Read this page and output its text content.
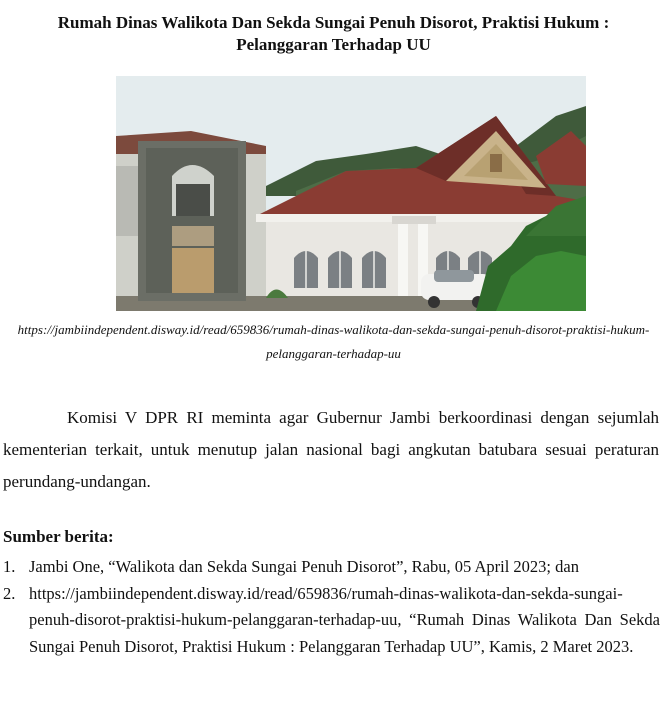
Rumah Dinas Walikota Dan Sekda Sungai Penuh Disorot, Praktisi Hukum : Pelanggaran Terhadap UU
https://jambiindependent.disway.id/read/659836/rumah-dinas-walikota-dan-sekda-sungai-penuh-disorot-praktisi-hukum-pelanggaran-terhadap-uu

Komisi V DPR RI meminta agar Gubernur Jambi berkoordinasi dengan sejumlah kementerian terkait, untuk menutup jalan nasional bagi angkutan batubara sesuai peraturan perundang-undangan.

Sumber berita:
1. Jambi One, “Walikota dan Sekda Sungai Penuh Disorot”, Rabu, 05 April 2023; dan
2. https://jambiindependent.disway.id/read/659836/rumah-dinas-walikota-dan-sekda-sungai-penuh-disorot-praktisi-hukum-pelanggaran-terhadap-uu, “Rumah Dinas Walikota Dan Sekda Sungai Penuh Disorot, Praktisi Hukum : Pelanggaran Terhadap UU”, Kamis, 2 Maret 2023.
